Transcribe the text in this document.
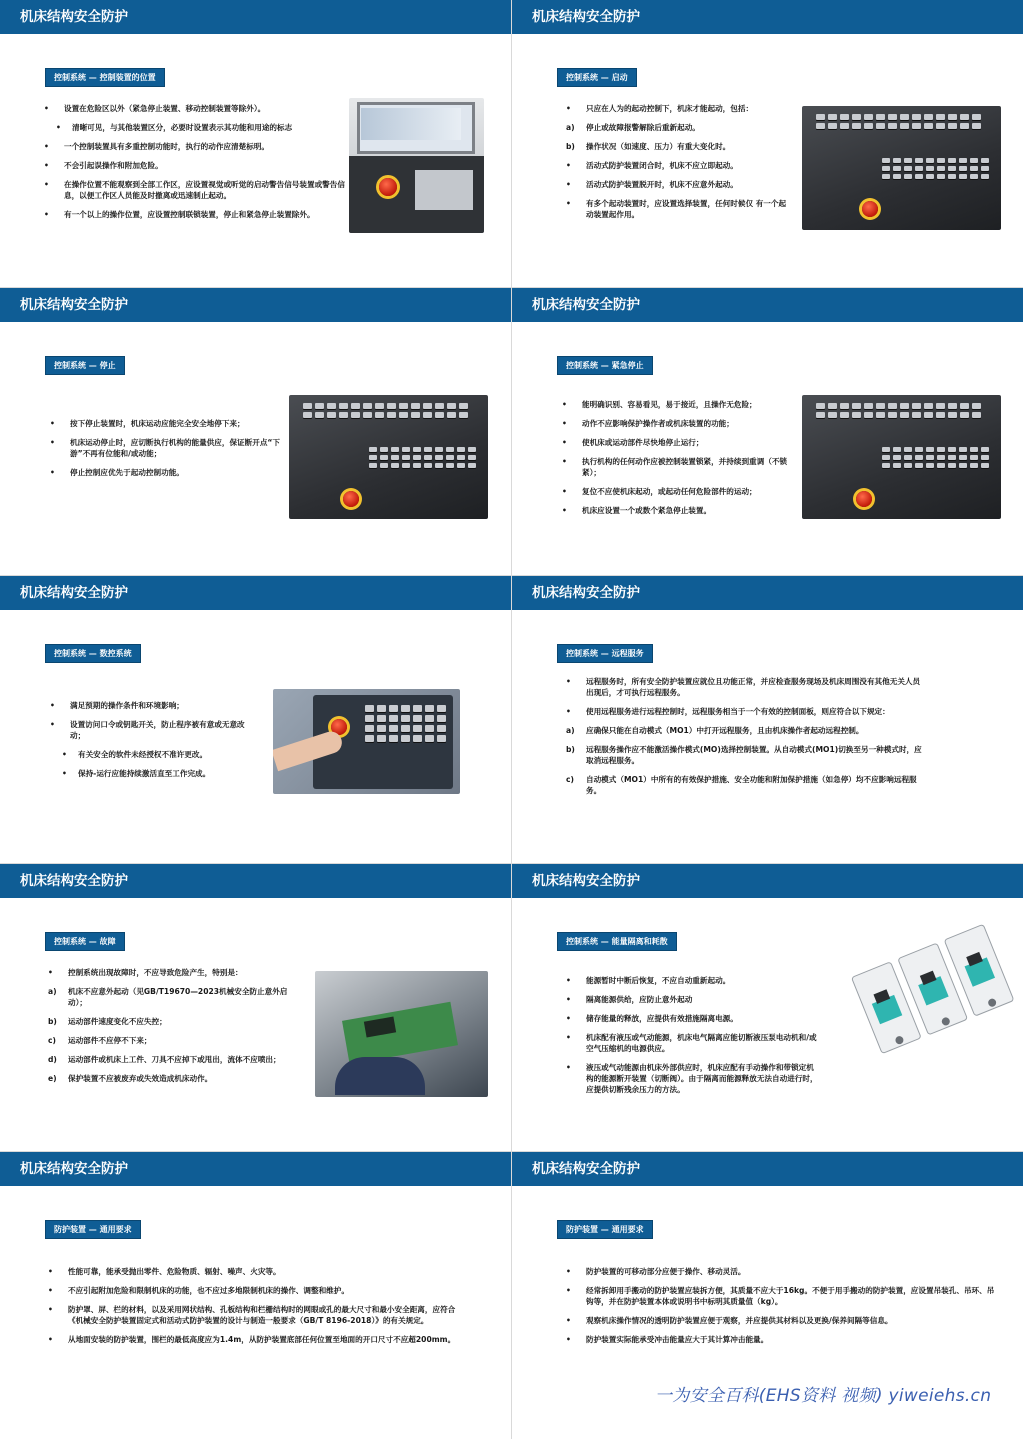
机床结构安全防护
控制系统 — 控制装置的位置

• 设置在危险区以外（紧急停止装置、移动控制装置等除外）。

• 清晰可见，与其他装置区分，必要时设置表示其功能和用途的标志

• 一个控制装置具有多重控制功能时，执行的动作应清楚标明。

• 不会引起误操作和附加危险。

• 在操作位置不能观察到全部工作区，应设置视觉或听觉的启动警告信号装置或警告信息，以便工作区人员能及时撤离或迅速制止起动。

• 有一个以上的操作位置，应设置控制联锁装置，停止和紧急停止装置除外。

机床结构安全防护
控制系统 — 启动

• 只应在人为的起动控制下，机床才能起动，包括：

a) 停止或故障报警解除后重新起动。

b) 操作状况（如速度、压力）有重大变化时。

• 活动式防护装置闭合时，机床不应立即起动。

• 活动式防护装置脱开时，机床不应意外起动。

• 有多个起动装置时，应设置选择装置，任何时候仅 有一个起动装置起作用。

机床结构安全防护
控制系统 — 停止

• 按下停止装置时，机床运动应能完全安全地停下来；

• 机床运动停止时，应切断执行机构的能量供应，保证断开点“下游”不再有位能和/或动能；

• 停止控制应优先于起动控制功能。

机床结构安全防护
控制系统 — 紧急停止

• 能明确识别、容易看见，易于接近，且操作无危险；

• 动作不应影响保护操作者或机床装置的功能；

• 使机床或运动部件尽快地停止运行；

• 执行机构的任何动作应被控制装置锁紧，并持续到重调（不锁紧）；

• 复位不应使机床起动，或起动任何危险部件的运动；

• 机床应设置一个或数个紧急停止装置。

机床结构安全防护
控制系统 — 数控系统

• 满足预期的操作条件和环境影响；

• 设置访问口令或钥匙开关，防止程序被有意或无意改动；

• 有关安全的软件未经授权不准许更改。

• 保持-运行应能持续激活直至工作完成。

机床结构安全防护
控制系统 — 远程服务

• 远程服务时，所有安全防护装置应就位且功能正常，并应检查服务现场及机床周围没有其他无关人员出现后，才可执行远程服务。

• 使用远程服务进行远程控制时，远程服务相当于一个有效的控制面板，则应符合以下规定：

a) 应确保只能在自动模式（MO1）中打开远程服务，且由机床操作者起动远程控制。

b) 远程服务操作应不能激活操作模式(MO)选择控制装置。从自动模式(MO1)切换至另一种模式时，应取消远程服务。

c) 自动模式（MO1）中所有的有效保护措施、安全功能和附加保护措施（如急停）均不应影响远程服务。

机床结构安全防护
控制系统 — 故障

• 控制系统出现故障时，不应导致危险产生，特别是：

a) 机床不应意外起动（见GB/T19670—2023机械安全防止意外启动）；

b) 运动部件速度变化不应失控；

c) 运动部件不应停不下来；

d) 运动部件或机床上工件、刀具不应掉下或甩出，流体不应喷出；

e) 保护装置不应被废弃或失效造成机床动作。

机床结构安全防护
控制系统 — 能量隔离和耗散

• 能源暂时中断后恢复，不应自动重新起动。

• 隔离能源供给，应防止意外起动

• 储存能量的释放，应提供有效措施隔离电源。

• 机床配有液压或气动能源，机床电气隔离应能切断液压泵电动机和/或空气压缩机的电源供应。

• 液压或气动能源由机床外部供应时，机床应配有手动操作和带锁定机构的能源断开装置（切断阀）。由于隔离而能源释放无法自动进行时，应提供切断残余压力的方法。

机床结构安全防护
防护装置 — 通用要求

• 性能可靠，能承受抛出零件、危险物质、辐射、噪声、火灾等。

• 不应引起附加危险和限制机床的功能，也不应过多地限制机床的操作、调整和维护。

• 防护罩、屏、栏的材料，以及采用网状结构、孔板结构和栏栅结构时的网眼或孔的最大尺寸和最小安全距离，应符合《机械安全防护装置固定式和活动式防护装置的设计与制造一般要求（GB/T 8196-2018）》的有关规定。

• 从地面安装的防护装置，围栏的最低高度应为1.4m，从防护装置底部任何位置至地面的开口尺寸不应超200mm。

机床结构安全防护
防护装置 — 通用要求

• 防护装置的可移动部分应便于操作、移动灵活。

• 经常拆卸用手搬动的防护装置应装拆方便，其质量不应大于16kg。不便于用手搬动的防护装置，应设置吊装孔、吊环、吊钩等，并在防护装置本体或说明书中标明其质量值（kg）。

• 观察机床操作情况的透明防护装置应便于观察，并应提供其材料以及更换/保养间隔等信息。

• 防护装置实际能承受冲击能量应大于其计算冲击能量。

一为安全百科(EHS资料 视频) yiweiehs.cn
